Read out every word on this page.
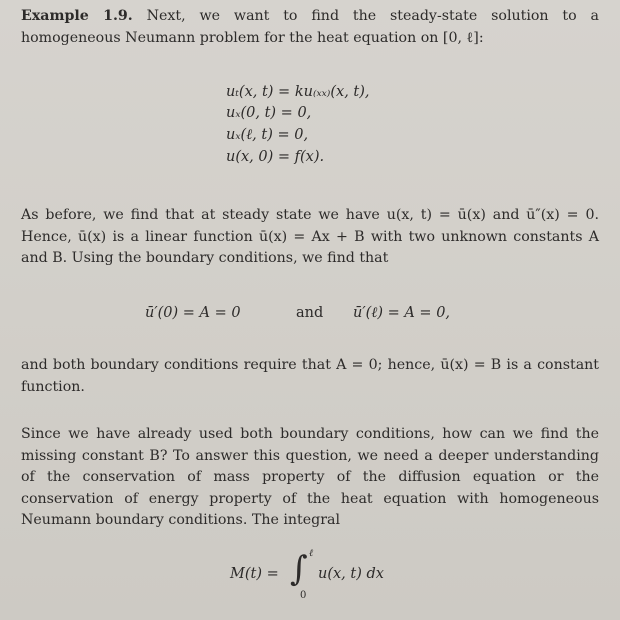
Example 1.9. Next, we want to find the steady-state solution to a homogeneous Neumann problem for the heat equation on [0, ℓ]:

uₜ(x, t) = ku₍ₓₓ₎(x, t),
uₓ(0, t) = 0,
uₓ(ℓ, t) = 0,
u(x, 0) = f(x).

As before, we find that at steady state we have u(x, t) = ū(x) and ū″(x) = 0. Hence, ū(x) is a linear function ū(x) = Ax + B with two unknown constants A and B. Using the boundary conditions, we find that

ū′(0) = A = 0	and ū′(ℓ) = A = 0,

and both boundary conditions require that A = 0; hence, ū(x) = B is a constant function.

Since we have already used both boundary conditions, how can we find the missing constant B? To answer this question, we need a deeper understanding of the conservation of mass property of the diffusion equation or the conservation of energy property of the heat equation with homogeneous Neumann boundary conditions. The integral

M(t) = ∫ ℓ
0
u(x, t) dx
